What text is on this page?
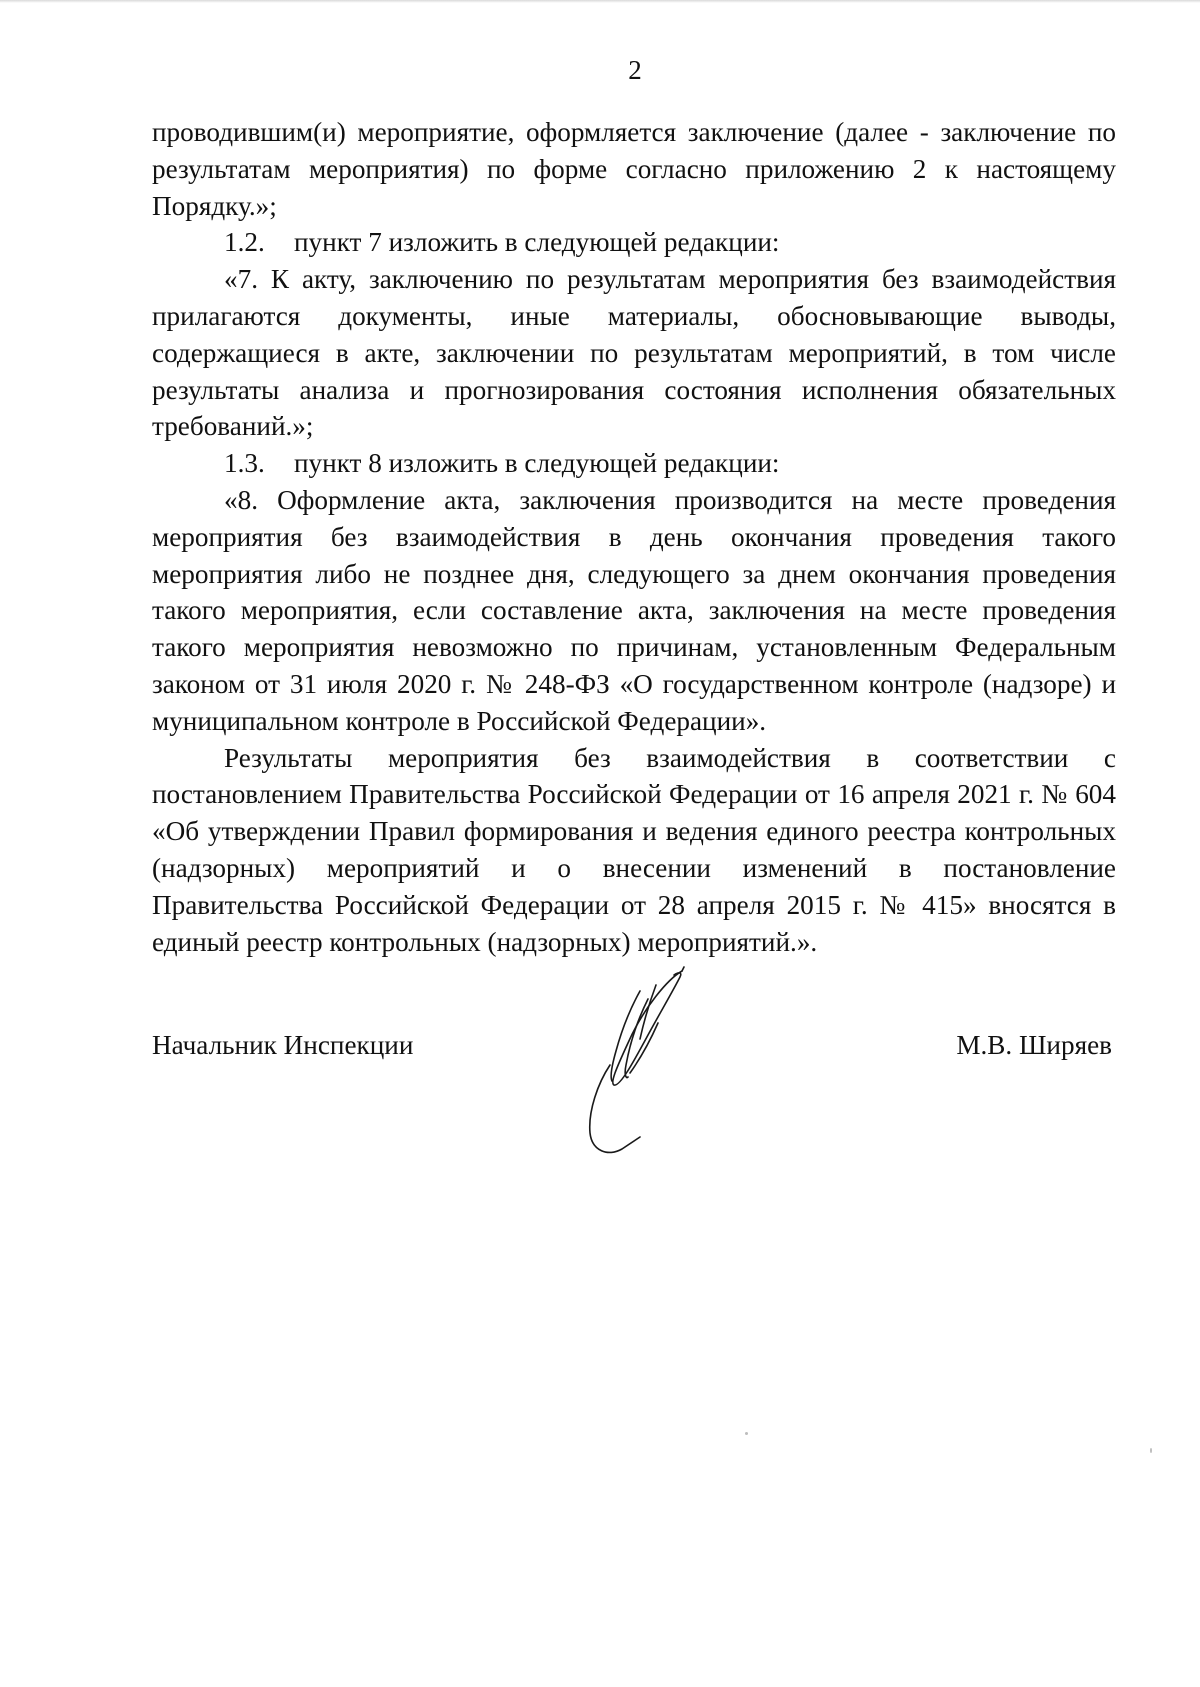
2

проводившим(и) мероприятие, оформляется заключение (далее - заключение по результатам мероприятия) по форме согласно приложению 2 к настоящему Порядку.»;

1.2. пункт 7 изложить в следующей редакции:

«7. К акту, заключению по результатам мероприятия без взаимодействия прилагаются документы, иные материалы, обосновывающие выводы, содержащиеся в акте, заключении по результатам мероприятий, в том числе результаты анализа и прогнозирования состояния исполнения обязательных требований.»;

1.3. пункт 8 изложить в следующей редакции:

«8. Оформление акта, заключения производится на месте проведения мероприятия без взаимодействия в день окончания проведения такого мероприятия либо не позднее дня, следующего за днем окончания проведения такого мероприятия, если составление акта, заключения на месте проведения такого мероприятия невозможно по причинам, установленным Федеральным законом от 31 июля 2020 г. № 248-ФЗ «О государственном контроле (надзоре) и муниципальном контроле в Российской Федерации».

Результаты мероприятия без взаимодействия в соответствии с постановлением Правительства Российской Федерации от 16 апреля 2021 г. № 604 «Об утверждении Правил формирования и ведения единого реестра контрольных (надзорных) мероприятий и о внесении изменений в постановление Правительства Российской Федерации от 28 апреля 2015 г. № 415» вносятся в единый реестр контрольных (надзорных) мероприятий.».

Начальник Инспекции	М.В. Ширяев
